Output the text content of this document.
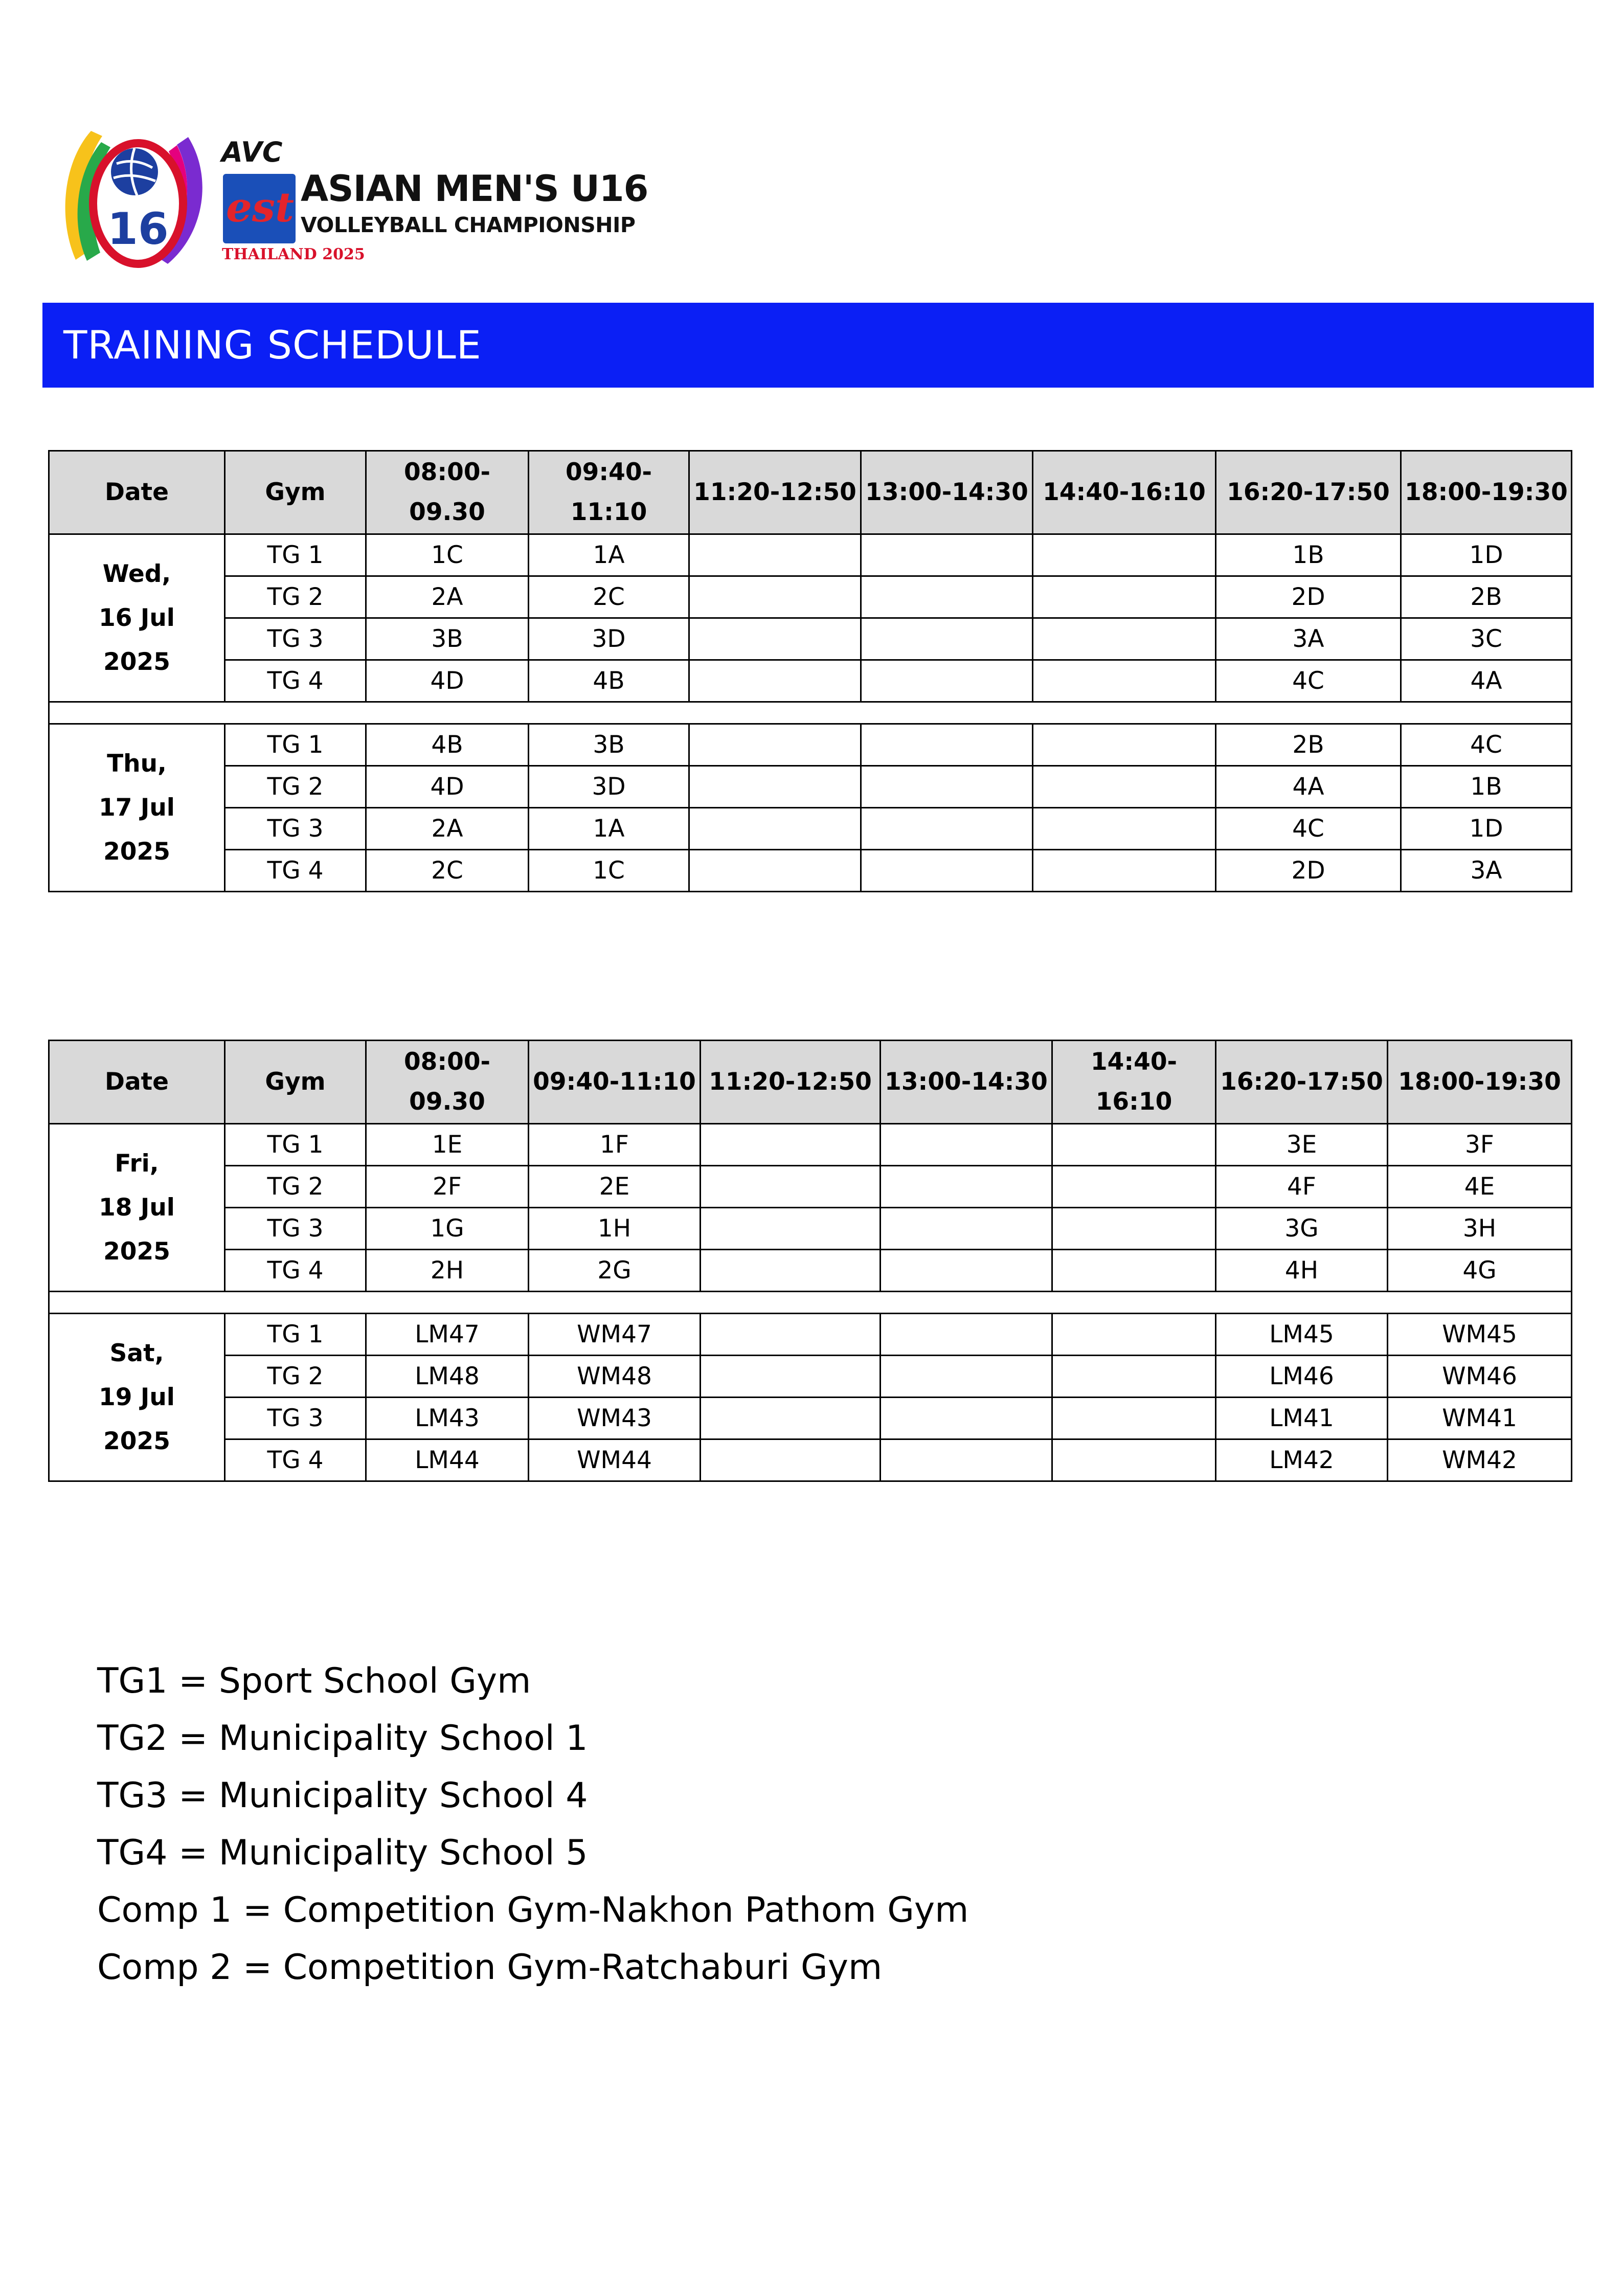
16
AVC
est ASIAN MEN'S U16
VOLLEYBALL CHAMPIONSHIP
THAILAND 2025
TRAINING SCHEDULE
Date	Gym	08:00-09.30	09:40-11:10	11:20-12:50	13:00-14:30	14:40-16:10	16:20-17:50	18:00-19:30

Wed,
16 Jul
2025	TG 1	1C	1A				1B	1D
	TG 2	2A	2C				2D	2B
	TG 3	3B	3D				3A	3C
	TG 4	4D	4B				4C	4A

Thu,
17 Jul
2025	TG 1	4B	3B				2B	4C
	TG 2	4D	3D				4A	1B
	TG 3	2A	1A				4C	1D
	TG 4	2C	1C				2D	3A
Date	Gym	08:00-09.30	09:40-11:10	11:20-12:50	13:00-14:30	14:40-16:10	16:20-17:50	18:00-19:30

Fri,
18 Jul
2025	TG 1	1E	1F				3E	3F
	TG 2	2F	2E				4F	4E
	TG 3	1G	1H				3G	3H
	TG 4	2H	2G				4H	4G

Sat,
19 Jul
2025	TG 1	LM47	WM47				LM45	WM45
	TG 2	LM48	WM48				LM46	WM46
	TG 3	LM43	WM43				LM41	WM41
	TG 4	LM44	WM44				LM42	WM42
TG1 = Sport School Gym
TG2 = Municipality School 1
TG3 = Municipality School 4
TG4 = Municipality School 5
Comp 1 = Competition Gym-Nakhon Pathom Gym
Comp 2 = Competition Gym-Ratchaburi Gym
